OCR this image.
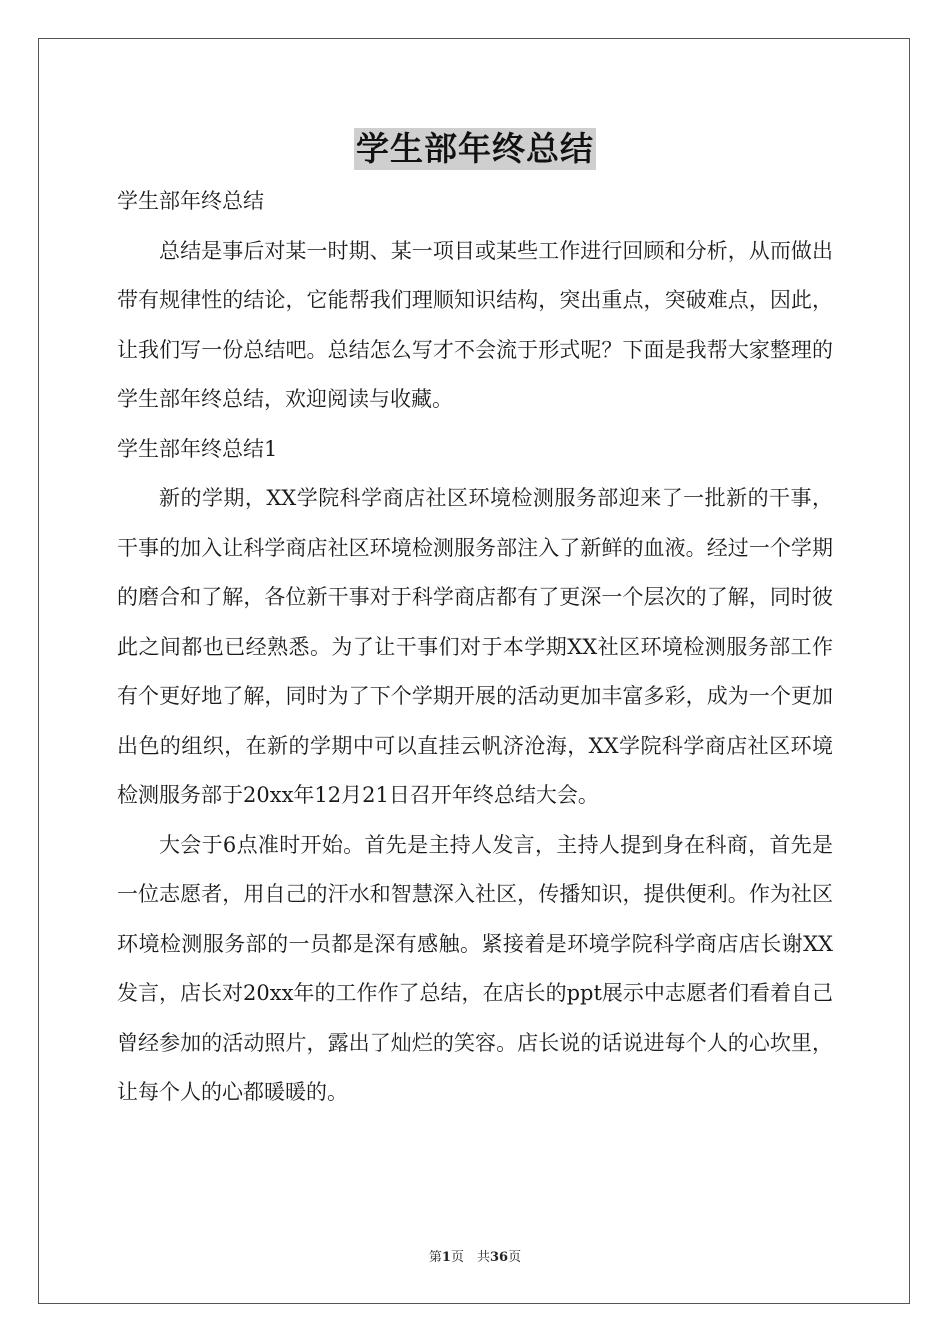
学生部年终总结

学生部年终总结

总结是事后对某一时期、某一项目或某些工作进行回顾和分析，从而做出带有规律性的结论，它能帮我们理顺知识结构，突出重点，突破难点，因此，让我们写一份总结吧。总结怎么写才不会流于形式呢？下面是我帮大家整理的学生部年终总结，欢迎阅读与收藏。

学生部年终总结1

新的学期，XX学院科学商店社区环境检测服务部迎来了一批新的干事，干事的加入让科学商店社区环境检测服务部注入了新鲜的血液。经过一个学期的磨合和了解，各位新干事对于科学商店都有了更深一个层次的了解，同时彼此之间都也已经熟悉。为了让干事们对于本学期XX社区环境检测服务部工作有个更好地了解，同时为了下个学期开展的活动更加丰富多彩，成为一个更加出色的组织，在新的学期中可以直挂云帆济沧海，XX学院科学商店社区环境检测服务部于20xx年12月21日召开年终总结大会。

大会于6点准时开始。首先是主持人发言，主持人提到身在科商，首先是一位志愿者，用自己的汗水和智慧深入社区，传播知识，提供便利。作为社区环境检测服务部的一员都是深有感触。紧接着是环境学院科学商店店长谢XX发言，店长对20xx年的工作作了总结，在店长的ppt展示中志愿者们看着自己曾经参加的活动照片，露出了灿烂的笑容。店长说的话说进每个人的心坎里，让每个人的心都暖暖的。

第1页　共36页
